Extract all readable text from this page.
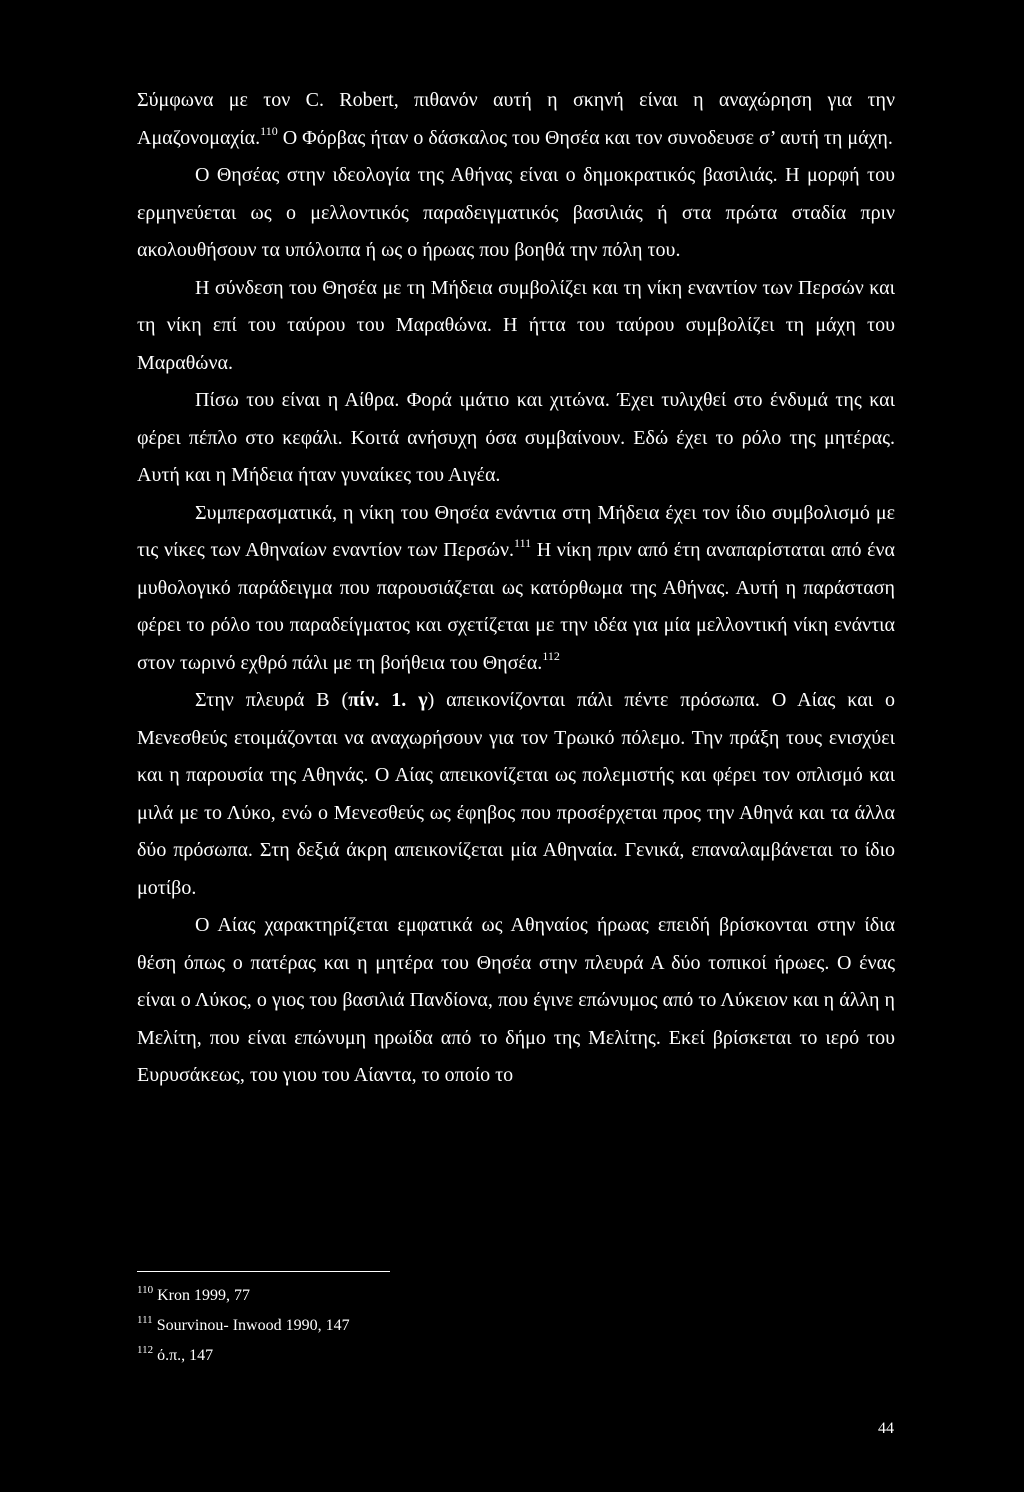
Σύμφωνα με τον C. Robert, πιθανόν αυτή η σκηνή είναι η αναχώρηση για την Αμαζονομαχία.$^{110}$ Ο Φόρβας ήταν ο δάσκαλος του Θησέα και τον συνοδευσε σ’ αυτή τη μάχη.

Ο Θησέας στην ιδεολογία της Αθήνας είναι ο δημοκρατικός βασιλιάς. Η μορφή του ερμηνεύεται ως ο μελλοντικός παραδειγματικός βασιλιάς ή στα πρώτα σταδία πριν ακολουθήσουν τα υπόλοιπα ή ως ο ήρωας που βοηθά την πόλη του.

Η σύνδεση του Θησέα με τη Μήδεια συμβολίζει και τη νίκη εναντίον των Περσών και τη νίκη επί του ταύρου του Μαραθώνα. Η ήττα του ταύρου συμβολίζει τη μάχη του Μαραθώνα.

Πίσω του είναι η Αίθρα. Φορά ιμάτιο και χιτώνα. Έχει τυλιχθεί στο ένδυμά της και φέρει πέπλο στο κεφάλι. Κοιτά ανήσυχη όσα συμβαίνουν. Εδώ έχει το ρόλο της μητέρας. Αυτή και η Μήδεια ήταν γυναίκες του Αιγέα.

Συμπερασματικά, η νίκη του Θησέα ενάντια στη Μήδεια έχει τον ίδιο συμβολισμό με τις νίκες των Αθηναίων εναντίον των Περσών.$^{111}$ Η νίκη πριν από έτη αναπαρίσταται από ένα μυθολογικό παράδειγμα που παρουσιάζεται ως κατόρθωμα της Αθήνας. Αυτή η παράσταση φέρει το ρόλο του παραδείγματος και σχετίζεται με την ιδέα για μία μελλοντική νίκη ενάντια στον τωρινό εχθρό πάλι με τη βοήθεια του Θησέα.$^{112}$

Στην πλευρά Β (πίν. 1. γ) απεικονίζονται πάλι πέντε πρόσωπα. Ο Αίας και ο Μενεσθεύς ετοιμάζονται να αναχωρήσουν για τον Τρωικό πόλεμο. Την πράξη τους ενισχύει και η παρουσία της Αθηνάς. Ο Αίας απεικονίζεται ως πολεμιστής και φέρει τον οπλισμό και μιλά με το Λύκο, ενώ ο Μενεσθεύς ως έφηβος που προσέρχεται προς την Αθηνά και τα άλλα δύο πρόσωπα. Στη δεξιά άκρη απεικονίζεται μία Αθηναία. Γενικά, επαναλαμβάνεται το ίδιο μοτίβο.

Ο Αίας χαρακτηρίζεται εμφατικά ως Αθηναίος ήρωας επειδή βρίσκονται στην ίδια θέση όπως ο πατέρας και η μητέρα του Θησέα στην πλευρά Α δύο τοπικοί ήρωες. Ο ένας είναι ο Λύκος, ο γιος του βασιλιά Πανδίονα, που έγινε επώνυμος από το Λύκειον και η άλλη η Μελίτη, που είναι επώνυμη ηρωίδα από το δήμο της Μελίτης. Εκεί βρίσκεται το ιερό του Ευρυσάκεως, του γιου του Αίαντα, το οποίο το

$^{110}$ Kron 1999, 77

$^{111}$ Sourvinou- Inwood 1990, 147

$^{112}$ ό.π., 147

44
